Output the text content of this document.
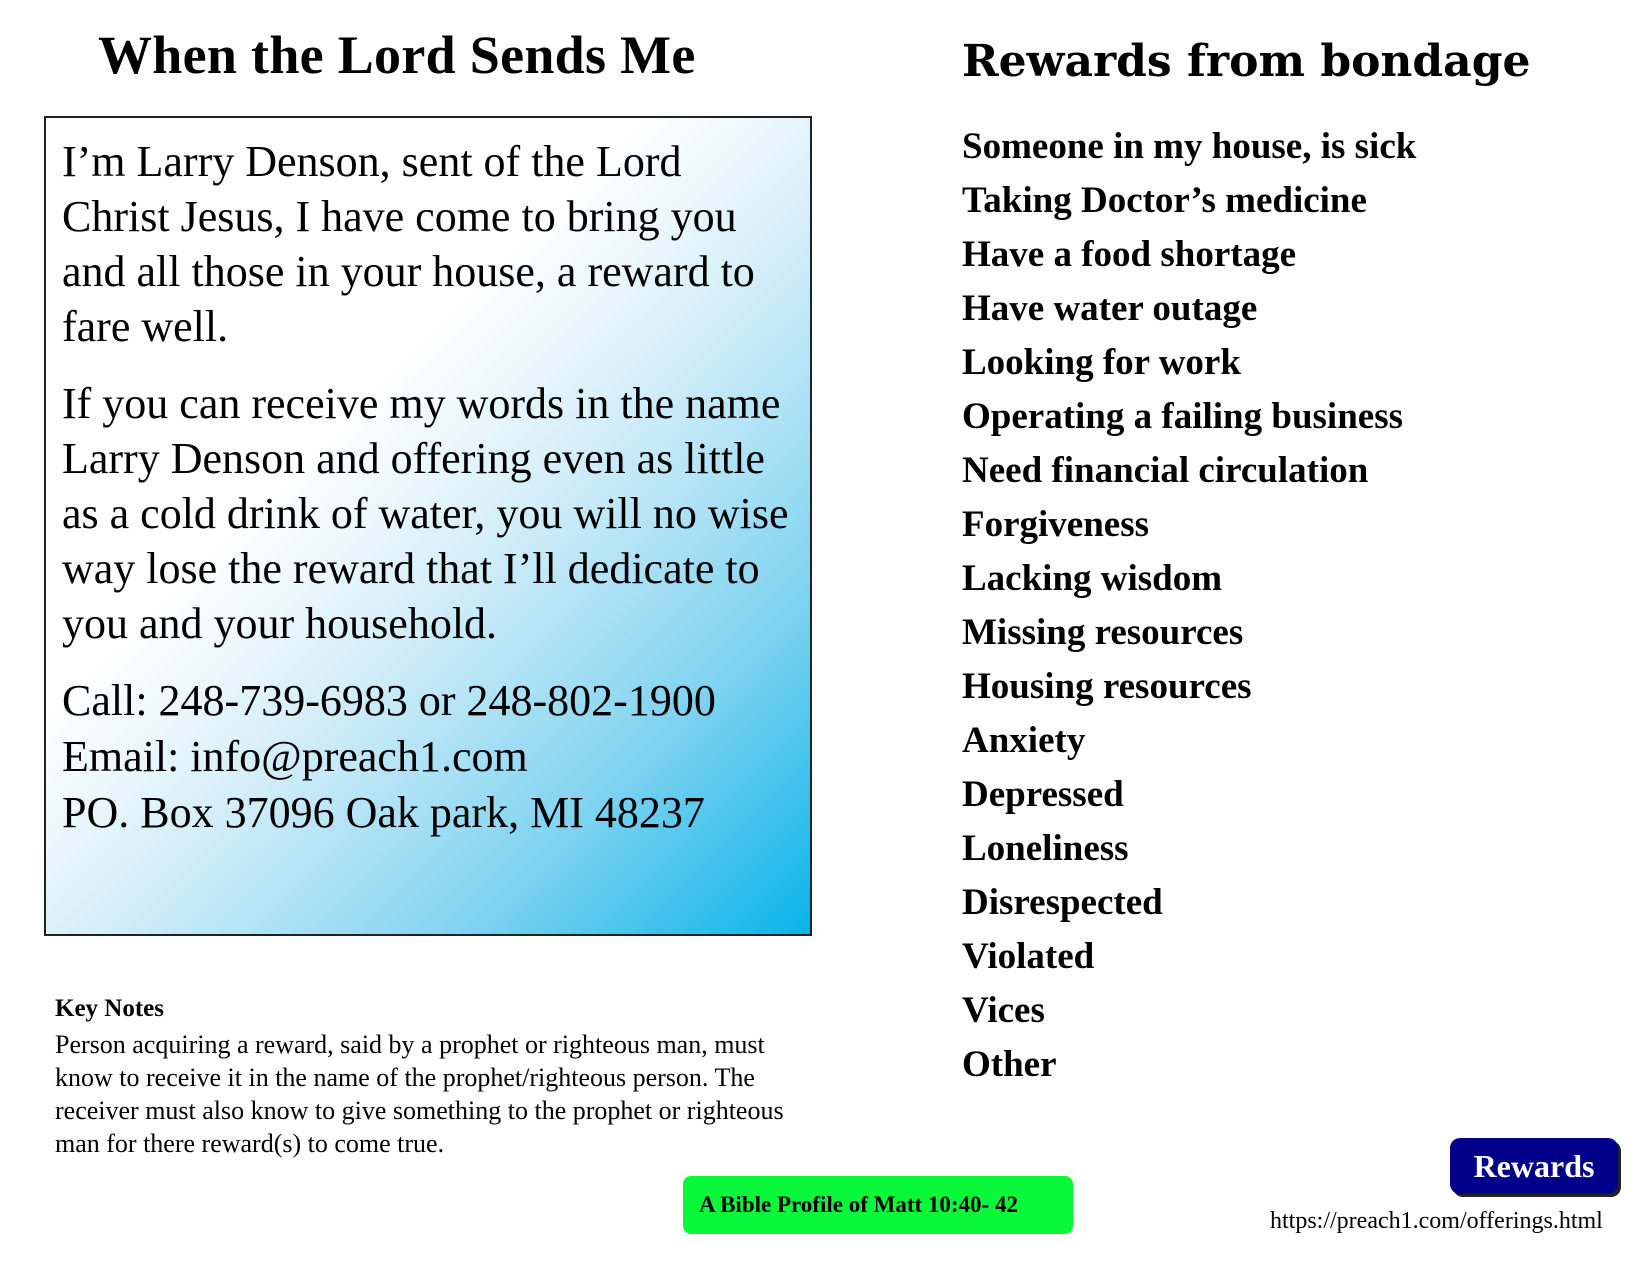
When the Lord Sends Me	Rewards from bondage

I’m Larry Denson, sent of the Lord Christ Jesus, I have come to bring you and all those in your house, a reward to fare well.

If you can receive my words in the name Larry Denson and offering even as little as a cold drink of water, you will no wise way lose the reward that I’ll dedicate to you and your household.

Call: 248-739-6983 or 248-802-1900
Email: info@preach1.com
PO. Box 37096 Oak park, MI 48237
Key Notes
Person acquiring a reward, said by a prophet or righteous man, must know to receive it in the name of the prophet/righteous person. The receiver must also know to give something to the prophet or righteous man for there reward(s) to come true.
Someone in my house, is sick
Taking Doctor’s medicine
Have a food shortage
Have water outage
Looking for work
Operating a failing business
Need financial circulation
Forgiveness
Lacking wisdom
Missing resources
Housing resources
Anxiety
Depressed
Loneliness
Disrespected
Violated
Vices
Other
A Bible Profile of Matt 10:40- 42
Rewards
https://preach1.com/offerings.html
